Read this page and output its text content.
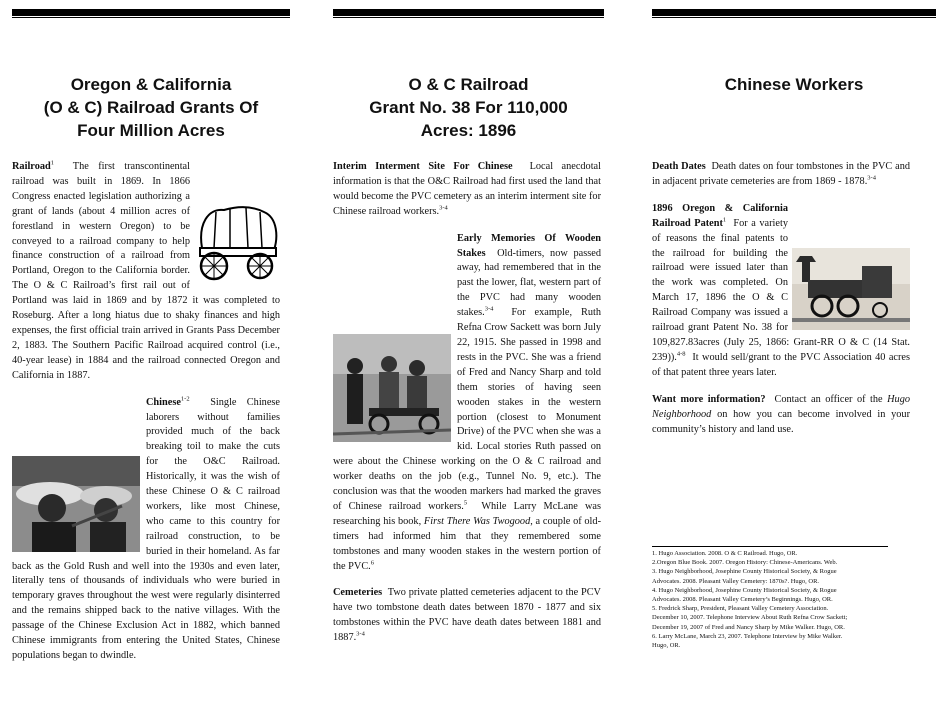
Oregon & California
(O & C) Railroad Grants Of
Four Million Acres

Railroad$^1$ The first transcontinental railroad was built in 1869. In 1866 Congress enacted legislation authorizing a grant of lands (about 4 million acres of forestland in western Oregon) to be conveyed to a railroad company to help finance construction of a railroad from Portland, Oregon to the California border. The O & C Railroad’s first rail out of Portland was laid in 1869 and by 1872 it was completed to Roseburg. After a long hiatus due to shaky finances and high expenses, the first official train arrived in Grants Pass December 2, 1883. The Southern Pacific Railroad acquired control (i.e., 40-year lease) in 1884 and the railroad connected Oregon and California in 1887.

Chinese$^{1-2}$ Single Chinese laborers without families provided much of the back breaking toil to make the cuts for the O&C Railroad. Historically, it was the wish of these Chinese O & C railroad workers, like most Chinese, who came to this country for railroad construction, to be buried in their homeland. As far back as the Gold Rush and well into the 1930s and even later, literally tens of thousands of individuals who were buried in temporary graves throughout the west were regularly disinterred and the remains shipped back to the native villages. With the passage of the Chinese Exclusion Act in 1882, which banned Chinese immigrants from entering the United States, Chinese populations began to dwindle.

O & C Railroad
Grant No. 38 For 110,000
Acres: 1896

Interim Interment Site For Chinese Local anecdotal information is that the O&C Railroad had first used the land that would become the PVC cemetery as an interim interment site for Chinese railroad workers.$^{3-4}$

Early Memories Of Wooden Stakes Old-timers, now passed away, had remembered that in the past the lower, flat, western part of the PVC had many wooden stakes.$^{3-4}$ For example, Ruth Refna Crow Sackett was born July 22, 1915. She passed in 1998 and rests in the PVC. She was a friend of Fred and Nancy Sharp and told them stories of having seen wooden stakes in the western portion (closest to Monument Drive) of the PVC when she was a kid. Local stories Ruth passed on were about the Chinese working on the O & C railroad and worker deaths on the job (e.g., Tunnel No. 9, etc.). The conclusion was that the wooden markers had marked the graves of Chinese railroad workers.$^5$ While Larry McLane was researching his book, First There Was Twogood, a couple of old-timers had informed him that they remembered some tombstones and many wooden stakes in the western portion of the PVC.$^6$

Cemeteries Two private platted cemeteries adjacent to the PCV have two tombstone death dates between 1870 - 1877 and six tombstones within the PVC have death dates between 1881 and 1887.$^{3-4}$

Chinese Workers

Death Dates Death dates on four tombstones in the PVC and in adjacent private cemeteries are from 1869 - 1878.$^{3-4}$

1896 Oregon & California Railroad Patent$^1$ For a variety of reasons the final patents to the railroad for building the railroad were issued later than the work was completed. On March 17, 1896 the O & C Railroad Company was issued a railroad grant Patent No. 38 for 109,827.83acres (July 25, 1866: Grant-RR O & C (14 Stat. 239)).$^{4-8}$ It would sell/grant to the PVC Association 40 acres of that patent three years later.

Want more information? Contact an officer of the Hugo Neighborhood on how you can become involved in your community’s history and land use.

1. Hugo Association. 2008. O & C Railroad. Hugo, OR.
2.Oregon Blue Book. 2007. Oregon History: Chinese-Americans. Web.
3. Hugo Neighborhood, Josephine County Historical Society, & Rogue
Advocates. 2008. Pleasant Valley Cemetery: 1870s?. Hugo, OR.
4. Hugo Neighborhood, Josephine County Historical Society, & Rogue
Advocates. 2008. Pleasant Valley Cemetery’s Beginnings. Hugo, OR.
5. Fredrick Sharp, President, Pleasant Valley Cemetery Association.
December 10, 2007. Telephone Interview About Ruth Refna Crow Sackett;
December 19, 2007 of Fred and Nancy Sharp by Mike Walker. Hugo, OR.
6. Larry McLane, March 23, 2007. Telephone Interview by Mike Walker.
Hugo, OR.
